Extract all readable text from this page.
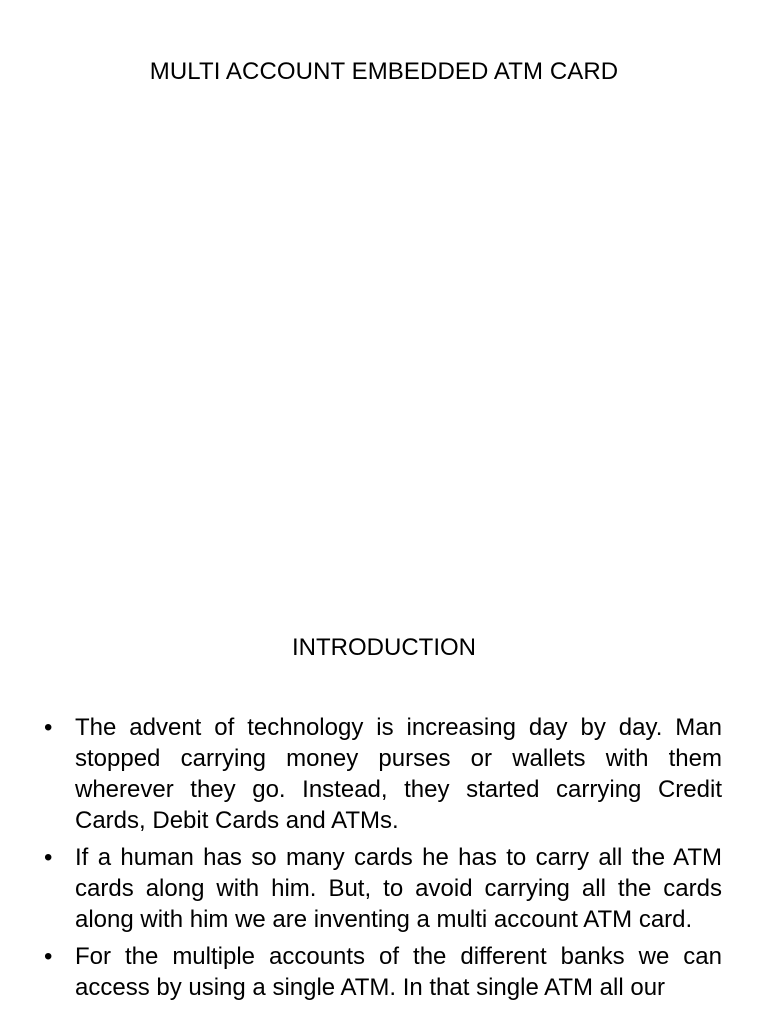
MULTI ACCOUNT EMBEDDED ATM CARD
INTRODUCTION
• The advent of technology is increasing day by day. Man stopped carrying money purses or wallets with them wherever they go. Instead, they started carrying Credit Cards, Debit Cards and ATMs.
• If a human has so many cards he has to carry all the ATM cards along with him. But, to avoid carrying all the cards along with him we are inventing a multi account ATM card.
• For the multiple accounts of the different banks we can access by using a single ATM. In that single ATM all our
